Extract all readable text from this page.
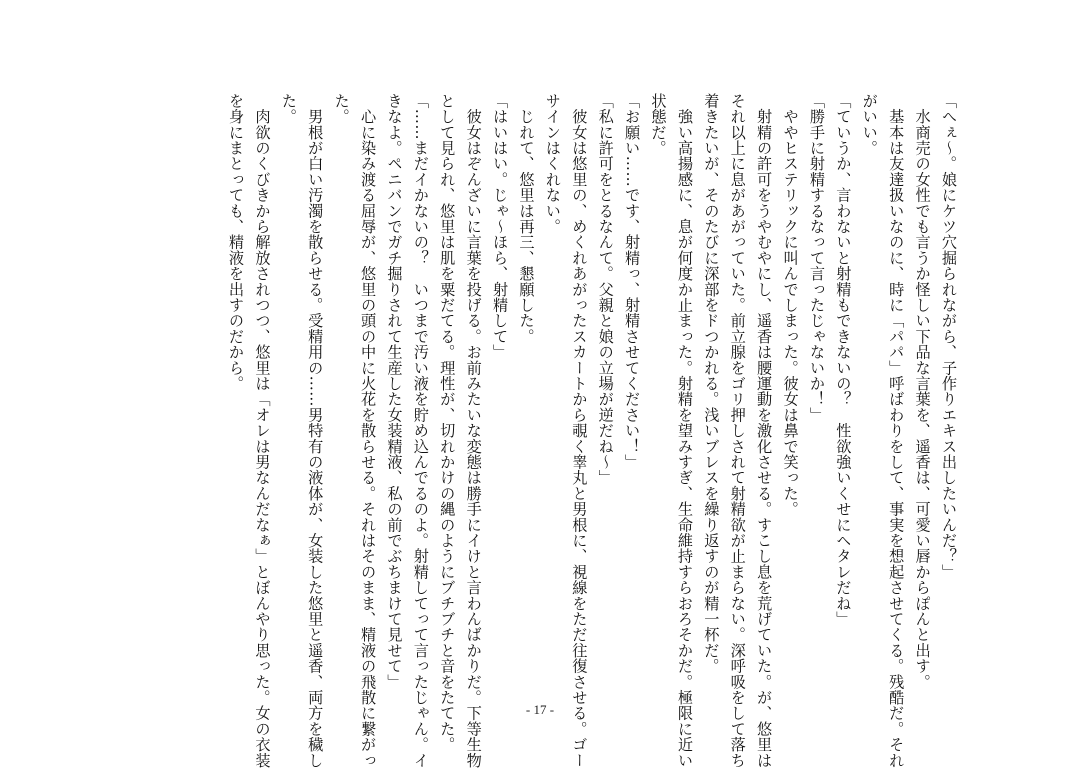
「へぇ〜。娘にケツ穴掘られながら、子作りエキス出したいんだ？」

　水商売の女性でも言うか怪しい下品な言葉を、遥香は、可愛い唇からぽんと出す。

　基本は友達扱いなのに、時に「パパ」呼ばわりをして、事実を想起させてくる。残酷だ。それ

がいい。

「ていうか、言わないと射精もできないの？　性欲強いくせにヘタレだね」

「勝手に射精するなって言ったじゃないか！」

　ややヒステリックに叫んでしまった。彼女は鼻で笑った。

　射精の許可をうやむやにし、遥香は腰運動を激化させる。すこし息を荒げていた。が、悠里は

それ以上に息があがっていた。前立腺をゴリ押しされて射精欲が止まらない。深呼吸をして落ち

着きたいが、そのたびに深部をドつかれる。浅いブレスを繰り返すのが精一杯だ。

　強い高揚感に、息が何度か止まった。射精を望みすぎ、生命維持すらおろそかだ。極限に近い

状態だ。

「お願い……です、射精っ、射精させてください！」

「私に許可をとるなんて。父親と娘の立場が逆だね〜」

　彼女は悠里の、めくれあがったスカートから覗く睾丸と男根に、視線をただ往復させる。ゴー

サインはくれない。

　じれて、悠里は再三、懇願した。

「はいはい。じゃ〜ほら、射精して」

　彼女はぞんざいに言葉を投げる。お前みたいな変態は勝手にイけと言わんばかりだ。下等生物

として見られ、悠里は肌を粟だてる。理性が、切れかけの縄のようにブチブチと音をたてた。

「……まだイかないの？　いつまで汚い液を貯め込んでるのよ。射精してって言ったじゃん。イ

きなよ。ペニバンでガチ掘りされて生産した女装精液、私の前でぶちまけて見せて」

　心に染み渡る屈辱が、悠里の頭の中に火花を散らせる。それはそのまま、精液の飛散に繋がっ

た。

　男根が白い汚濁を散らせる。受精用の……男特有の液体が、女装した悠里と遥香、両方を穢し

た。

　肉欲のくびきから解放されつつ、悠里は「オレは男なんだなぁ」とぼんやり思った。女の衣装

を身にまとっても、精液を出すのだから。

- 17 -
